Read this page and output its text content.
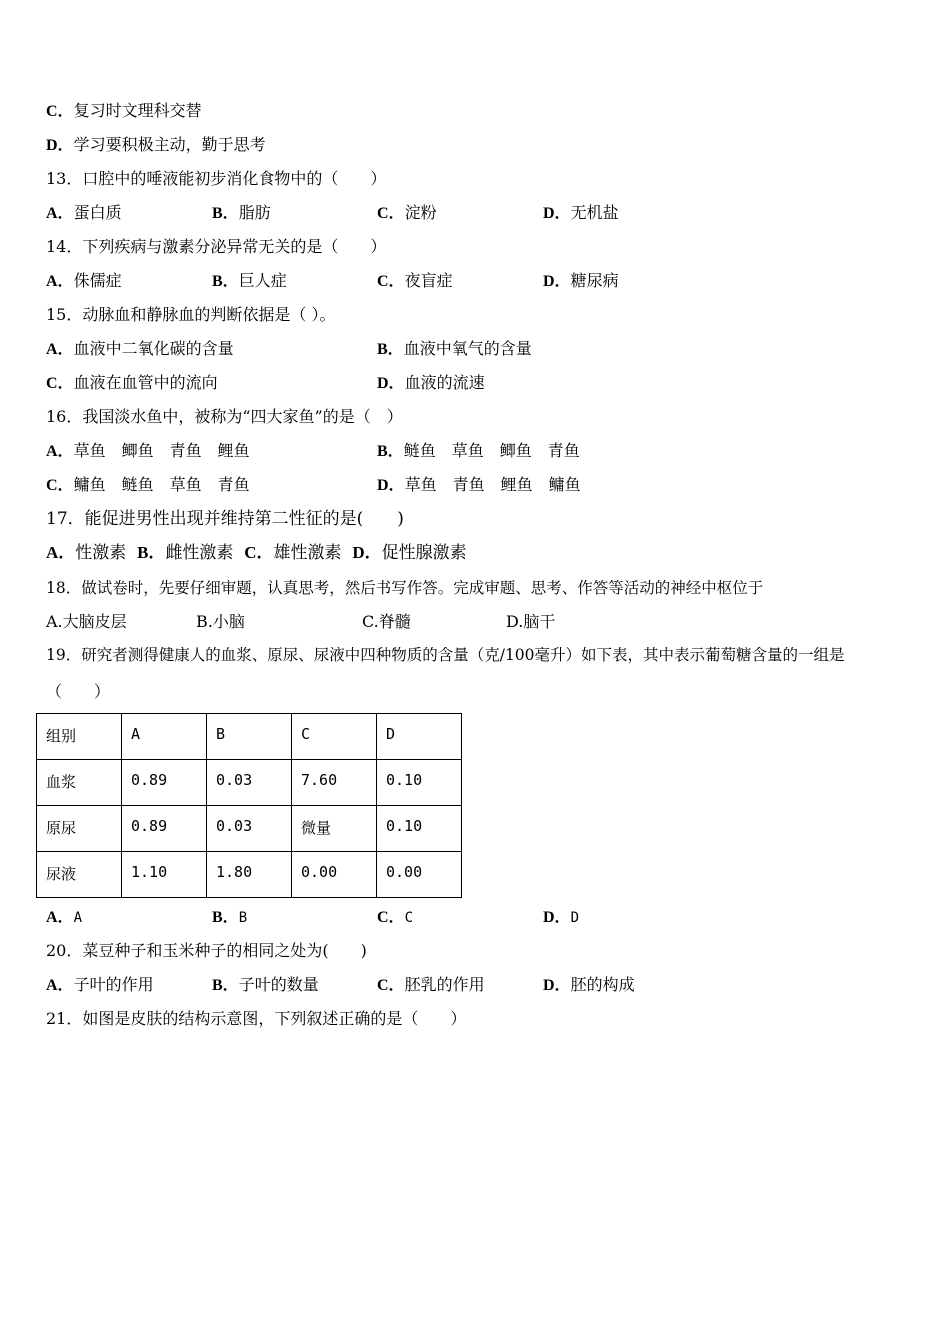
C．复习时文理科交替
D．学习要积极主动，勤于思考
13．口腔中的唾液能初步消化食物中的（　　）
A．蛋白质	B．脂肪	C．淀粉	D．无机盐
14．下列疾病与激素分泌异常无关的是（　　）
A．侏儒症	B．巨人症	C．夜盲症	D．糖尿病
15．动脉血和静脉血的判断依据是（ ）。
A．血液中二氧化碳的含量	B．血液中氧气的含量
C．血液在血管中的流向	D．血液的流速
16．我国淡水鱼中，被称为“四大家鱼”的是（　）
A．草鱼　鲫鱼　青鱼　鲤鱼	B．鲢鱼　草鱼　鲫鱼　青鱼
C．鳙鱼　鲢鱼　草鱼　青鱼	D．草鱼　青鱼　鲤鱼　鳙鱼
17．能促进男性出现并维持第二性征的是(　　)
A．性激素 B．雌性激素 C．雄性激素 D．促性腺激素
18．做试卷时，先要仔细审题，认真思考，然后书写作答。完成审题、思考、作答等活动的神经中枢位于
A.大脑皮层	B.小脑	C.脊髓	D.脑干
19．研究者测得健康人的血浆、原尿、尿液中四种物质的含量（克/100毫升）如下表，其中表示葡萄糖含量的一组是
（　　）
组别	A	B	C	D
血浆	0.89	0.03	7.60	0.10
原尿	0.89	0.03	微量	0.10
尿液	1.10	1.80	0.00	0.00
A．A	B．B	C．C	D．D
20．菜豆种子和玉米种子的相同之处为(　　)
A．子叶的作用	B．子叶的数量	C．胚乳的作用	D．胚的构成
21．如图是皮肤的结构示意图，下列叙述正确的是（　　）
